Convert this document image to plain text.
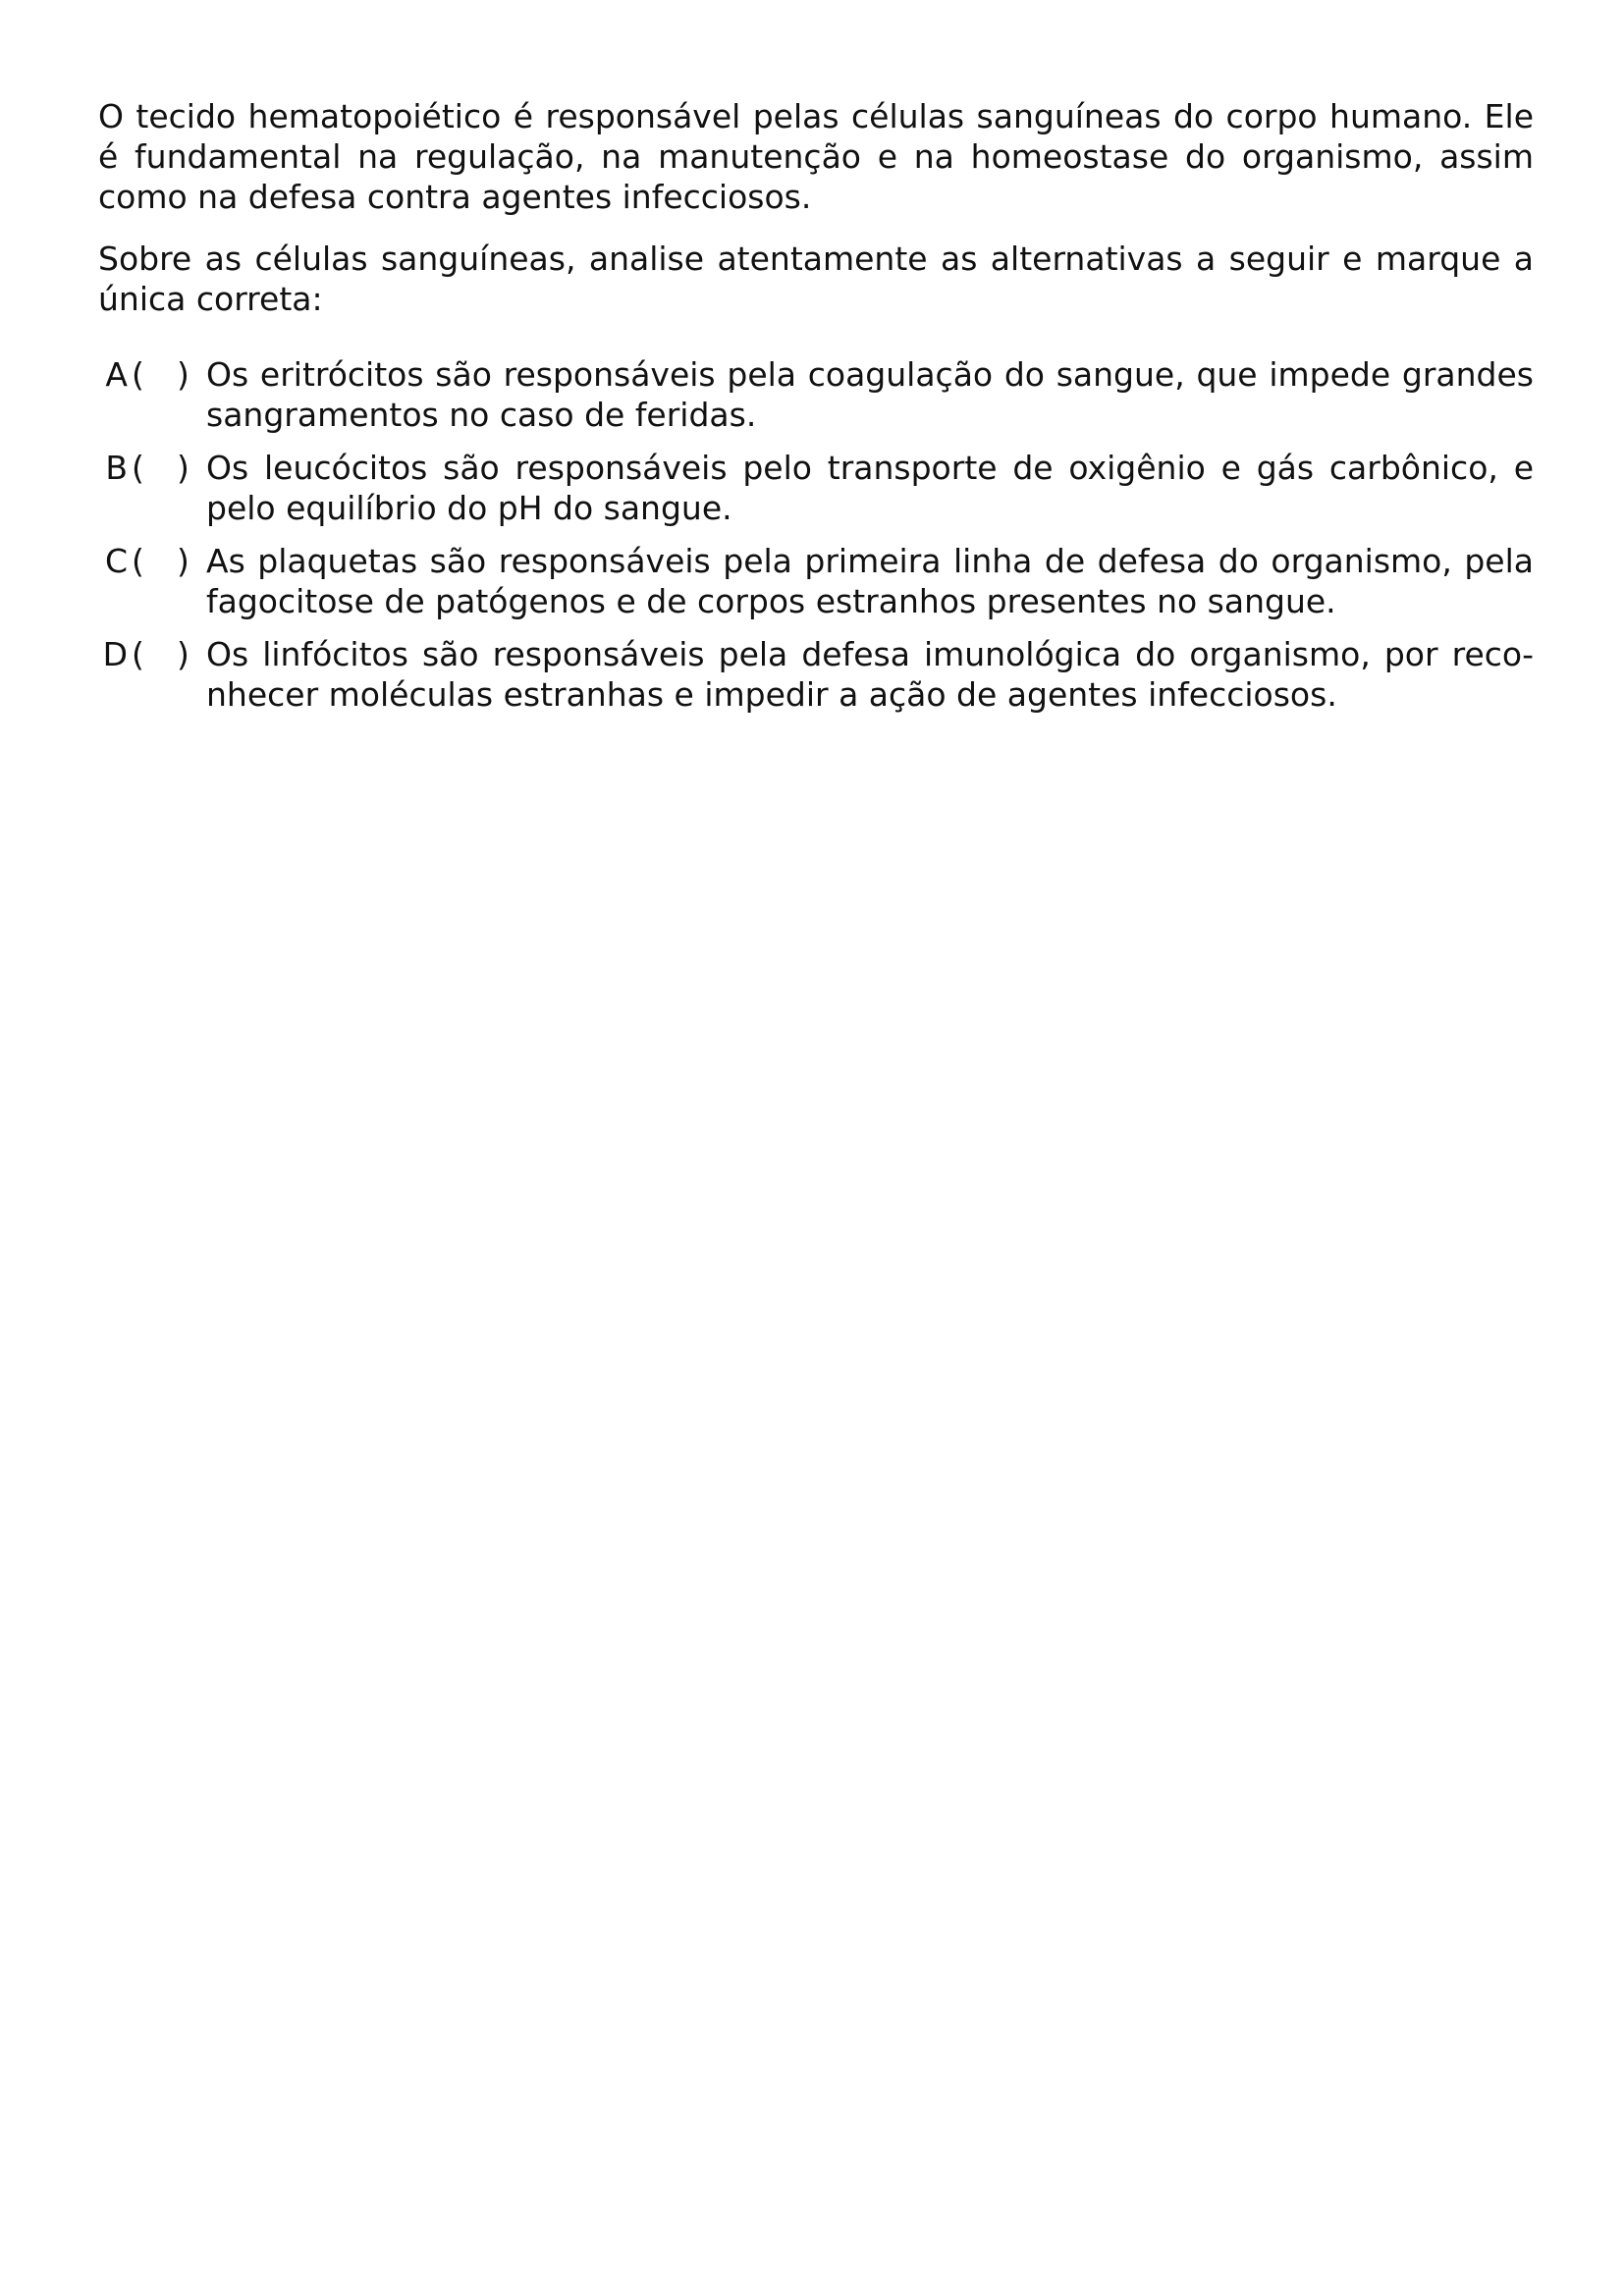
O tecido hematopoiético é responsável pelas células sanguíneas do corpo humano. Ele é fundamental na regulação, na manutenção e na homeostase do organismo, assim como na defesa contra agentes infecciosos.

Sobre as células sanguíneas, analise atentamente as alternativas a seguir e marque a única correta:

A (	) Os eritrócitos são responsáveis pela coagulação do sangue, que impede grandes sangramentos no caso de feridas.
B (	) Os leucócitos são responsáveis pelo transporte de oxigênio e gás carbônico, e pelo equilíbrio do pH do sangue.
C (	) As plaquetas são responsáveis pela primeira linha de defesa do organismo, pela fagocitose de patógenos e de corpos estranhos presentes no sangue.
D (	) Os linfócitos são responsáveis pela defesa imunológica do organismo, por reconhecer moléculas estranhas e impedir a ação de agentes infecciosos.
